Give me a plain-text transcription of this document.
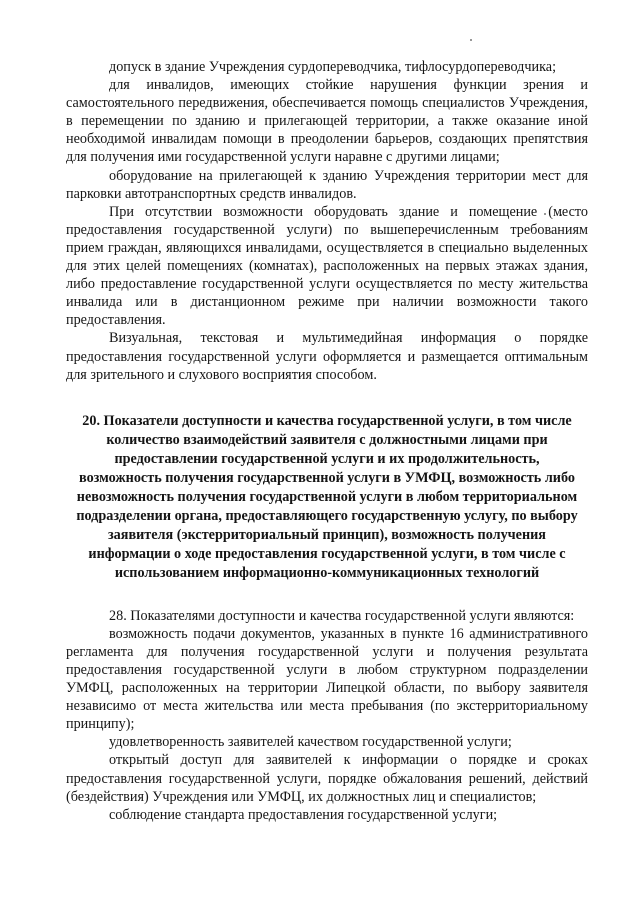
допуск в здание Учреждения сурдопереводчика, тифлосурдопереводчика;

для инвалидов, имеющих стойкие нарушения функции зрения и самостоятельного передвижения, обеспечивается помощь специалистов Учреждения, в перемещении по зданию и прилегающей территории, а также оказание иной необходимой инвалидам помощи в преодолении барьеров, создающих препятствия для получения ими государственной услуги наравне с другими лицами;

оборудование на прилегающей к зданию Учреждения территории мест для парковки автотранспортных средств инвалидов.

При отсутствии возможности оборудовать здание и помещение (место предоставления государственной услуги) по вышеперечисленным требованиям прием граждан, являющихся инвалидами, осуществляется в специально выделенных для этих целей помещениях (комнатах), расположенных на первых этажах здания, либо предоставление государственной услуги осуществляется по месту жительства инвалида или в дистанционном режиме при наличии возможности такого предоставления.

Визуальная, текстовая и мультимедийная информация о порядке предоставления государственной услуги оформляется и размещается оптимальным для зрительного и слухового восприятия способом.

20. Показатели доступности и качества государственной услуги, в том числе количество взаимодействий заявителя с должностными лицами при предоставлении государственной услуги и их продолжительность, возможность получения государственной услуги в УМФЦ, возможность либо невозможность получения государственной услуги в любом территориальном подразделении органа, предоставляющего государственную услугу, по выбору заявителя (экстерриториальный принцип), возможность получения информации о ходе предоставления государственной услуги, в том числе с использованием информационно-коммуникационных технологий

28. Показателями доступности и качества государственной услуги являются:

возможность подачи документов, указанных в пункте 16 административного регламента для получения государственной услуги и получения результата предоставления государственной услуги в любом структурном подразделении УМФЦ, расположенных на территории Липецкой области, по выбору заявителя независимо от места жительства или места пребывания (по экстерриториальному принципу);

удовлетворенность заявителей качеством государственной услуги;

открытый доступ для заявителей к информации о порядке и сроках предоставления государственной услуги, порядке обжалования решений, действий (бездействия) Учреждения или УМФЦ, их должностных лиц и специалистов;

соблюдение стандарта предоставления государственной услуги;
